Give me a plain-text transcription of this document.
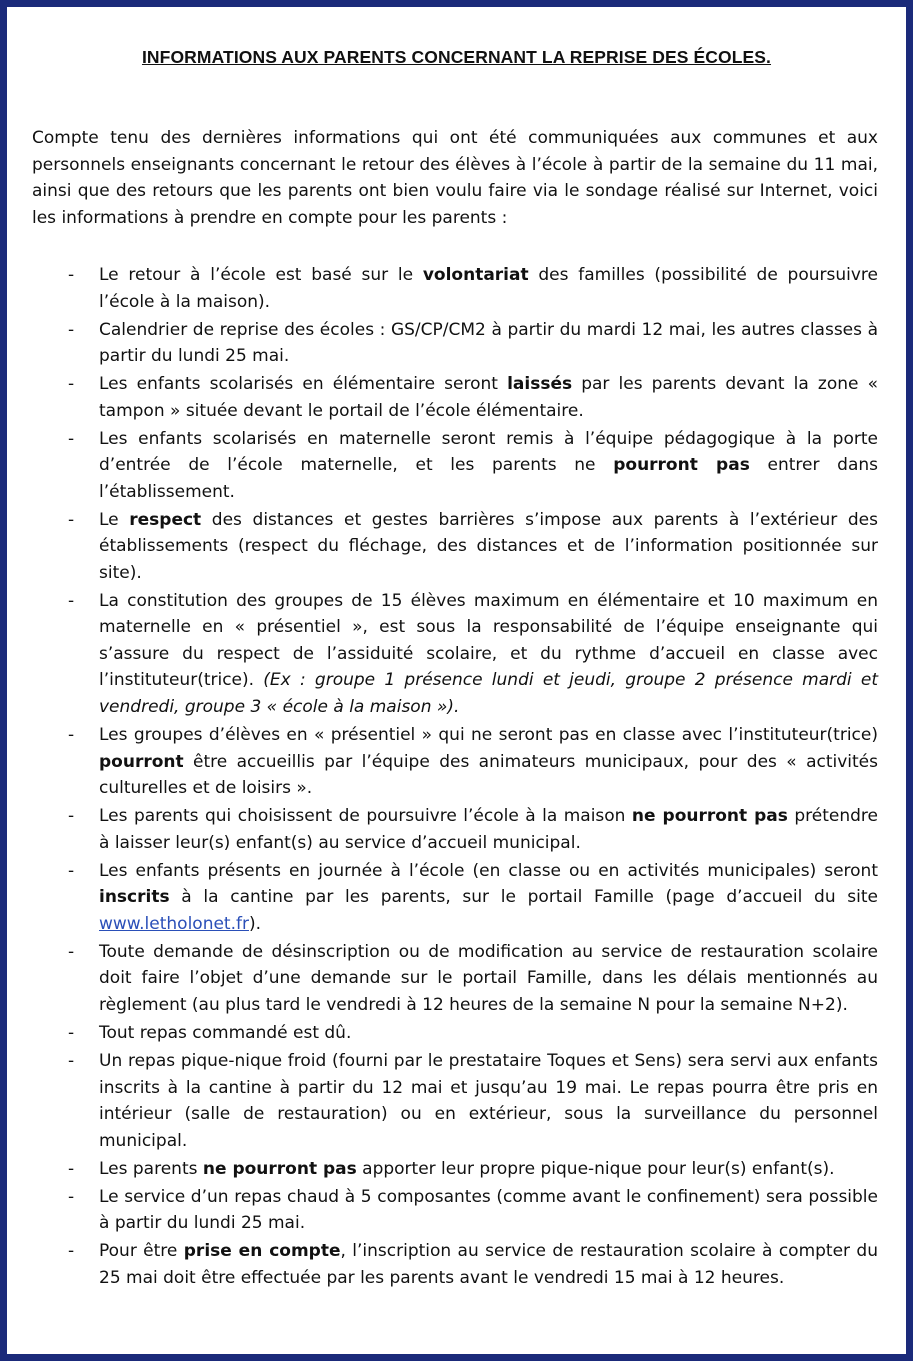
INFORMATIONS AUX PARENTS CONCERNANT LA REPRISE DES ÉCOLES.

Compte tenu des dernières informations qui ont été communiquées aux communes et aux personnels enseignants concernant le retour des élèves à l’école à partir de la semaine du 11 mai, ainsi que des retours que les parents ont bien voulu faire via le sondage réalisé sur Internet, voici les informations à prendre en compte pour les parents :

- Le retour à l’école est basé sur le volontariat des familles (possibilité de poursuivre l’école à la maison).
- Calendrier de reprise des écoles : GS/CP/CM2 à partir du mardi 12 mai, les autres classes à partir du lundi 25 mai.
- Les enfants scolarisés en élémentaire seront laissés par les parents devant la zone « tampon » située devant le portail de l’école élémentaire.
- Les enfants scolarisés en maternelle seront remis à l’équipe pédagogique à la porte d’entrée de l’école maternelle, et les parents ne pourront pas entrer dans l’établissement.
- Le respect des distances et gestes barrières s’impose aux parents à l’extérieur des établissements (respect du fléchage, des distances et de l’information positionnée sur site).
- La constitution des groupes de 15 élèves maximum en élémentaire et 10 maximum en maternelle en « présentiel », est sous la responsabilité de l’équipe enseignante qui s’assure du respect de l’assiduité scolaire, et du rythme d’accueil en classe avec l’instituteur(trice). (Ex : groupe 1 présence lundi et jeudi, groupe 2 présence mardi et vendredi, groupe 3 « école à la maison »).
- Les groupes d’élèves en « présentiel » qui ne seront pas en classe avec l’instituteur(trice) pourront être accueillis par l’équipe des animateurs municipaux, pour des « activités culturelles et de loisirs ».
- Les parents qui choisissent de poursuivre l’école à la maison ne pourront pas prétendre à laisser leur(s) enfant(s) au service d’accueil municipal.
- Les enfants présents en journée à l’école (en classe ou en activités municipales) seront inscrits à la cantine par les parents, sur le portail Famille (page d’accueil du site www.letholonet.fr).
- Toute demande de désinscription ou de modification au service de restauration scolaire doit faire l’objet d’une demande sur le portail Famille, dans les délais mentionnés au règlement (au plus tard le vendredi à 12 heures de la semaine N pour la semaine N+2).
- Tout repas commandé est dû.
- Un repas pique-nique froid (fourni par le prestataire Toques et Sens) sera servi aux enfants inscrits à la cantine à partir du 12 mai et jusqu’au 19 mai. Le repas pourra être pris en intérieur (salle de restauration) ou en extérieur, sous la surveillance du personnel municipal.
- Les parents ne pourront pas apporter leur propre pique-nique pour leur(s) enfant(s).
- Le service d’un repas chaud à 5 composantes (comme avant le confinement) sera possible à partir du lundi 25 mai.
- Pour être prise en compte, l’inscription au service de restauration scolaire à compter du 25 mai doit être effectuée par les parents avant le vendredi 15 mai à 12 heures.
